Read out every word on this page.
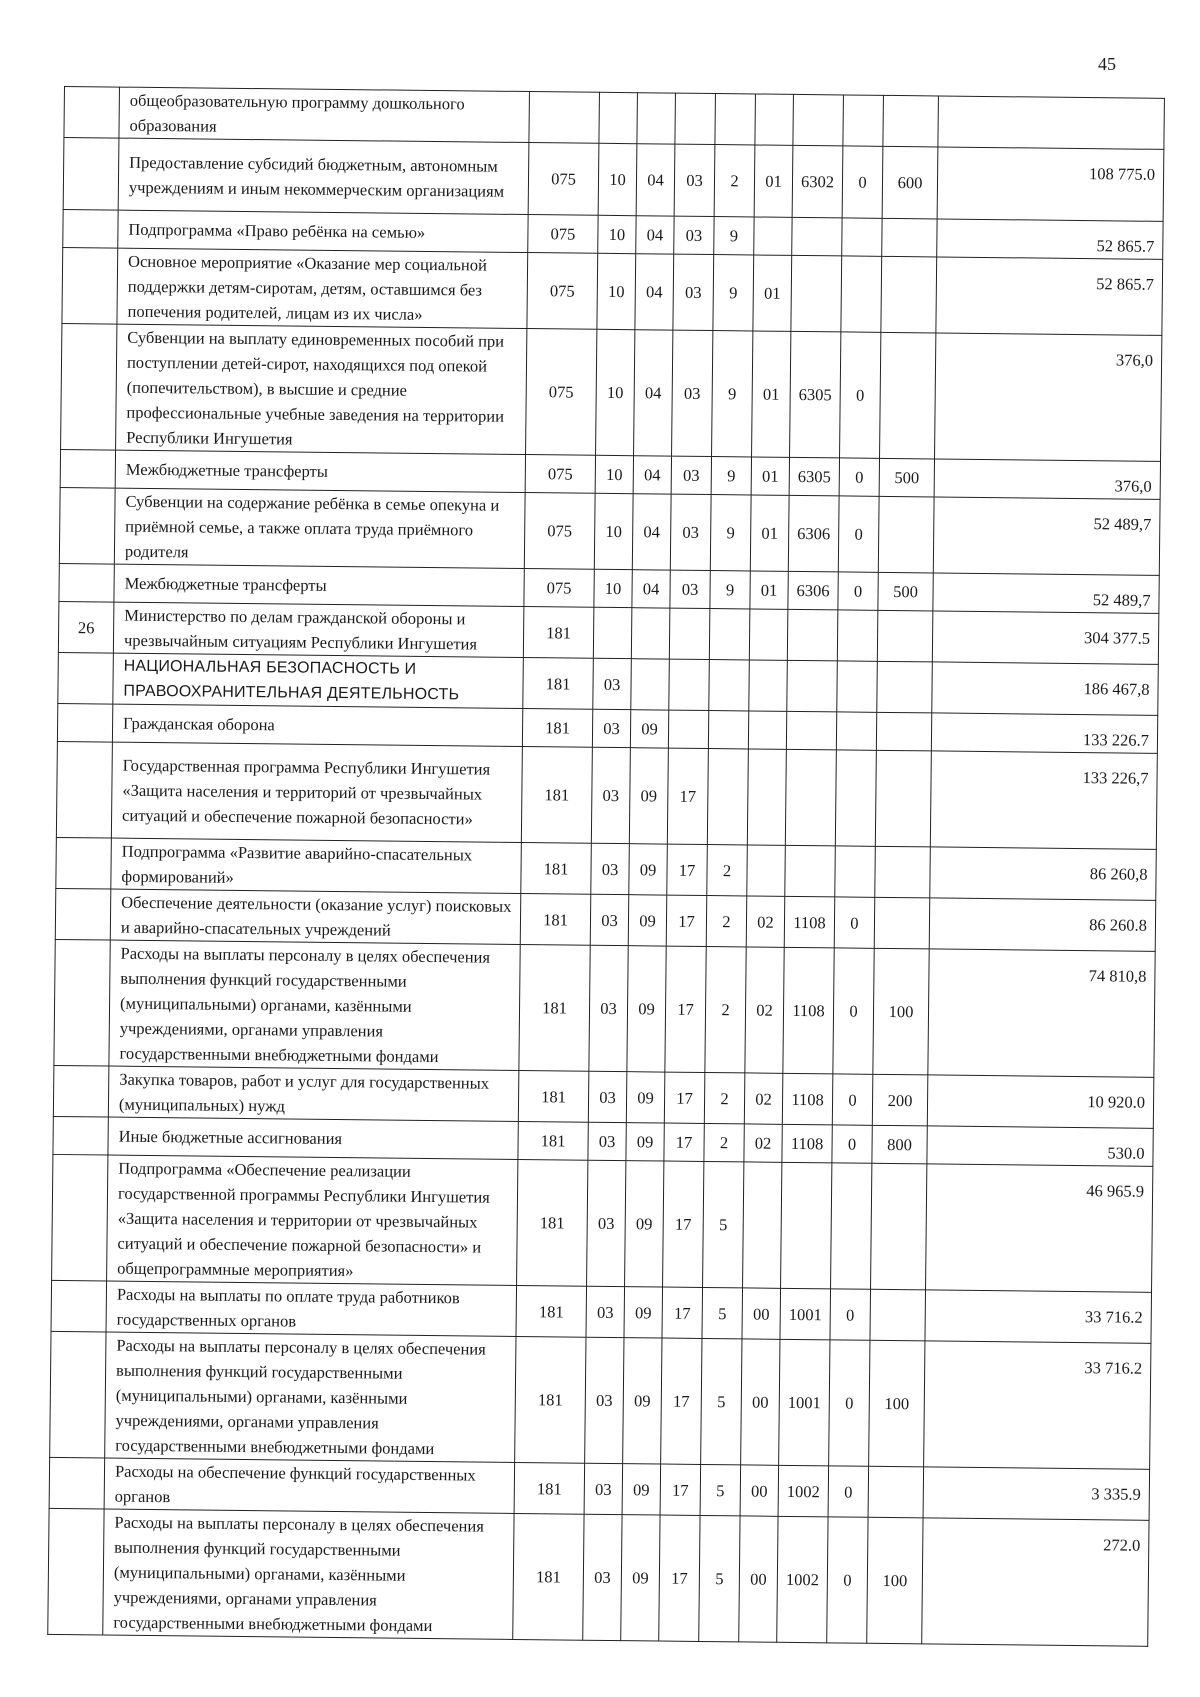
45
	общеобразовательную программу дошкольного образования										
	Предоставление субсидий бюджетным, автономным учреждениям и иным некоммерческим организациям	075	10	04	03	2	01	6302	0	600	108 775.0
	Подпрограмма «Право ребёнка на семью»	075	10	04	03	9					52 865.7
	Основное мероприятие «Оказание мер социальной поддержки детям-сиротам, детям, оставшимся без попечения родителей, лицам из их числа»	075	10	04	03	9	01				52 865.7
	Субвенции на выплату единовременных пособий при поступлении детей-сирот, находящихся под опекой (попечительством), в высшие и средние профессиональные учебные заведения на территории Республики Ингушетия	075	10	04	03	9	01	6305	0		376,0
	Межбюджетные трансферты	075	10	04	03	9	01	6305	0	500	376,0
	Субвенции на содержание ребёнка в семье опекуна и приёмной семье, а также оплата труда приёмного родителя	075	10	04	03	9	01	6306	0		52 489,7
	Межбюджетные трансферты	075	10	04	03	9	01	6306	0	500	52 489,7
26	Министерство по делам гражданской обороны и чрезвычайным ситуациям Республики Ингушетия	181									304 377.5
	НАЦИОНАЛЬНАЯ БЕЗОПАСНОСТЬ И ПРАВООХРАНИТЕЛЬНАЯ ДЕЯТЕЛЬНОСТЬ	181	03								186 467,8
	Гражданская оборона	181	03	09							133 226.7
	Государственная программа Республики Ингушетия «Защита населения и территорий от чрезвычайных ситуаций и обеспечение пожарной безопасности»	181	03	09	17						133 226,7
	Подпрограмма «Развитие аварийно-спасательных формирований»	181	03	09	17	2					86 260,8
	Обеспечение деятельности (оказание услуг) поисковых и аварийно-спасательных учреждений	181	03	09	17	2	02	1108	0		86 260.8
	Расходы на выплаты персоналу в целях обеспечения выполнения функций государственными (муниципальными) органами, казёнными учреждениями, органами управления государственными внебюджетными фондами	181	03	09	17	2	02	1108	0	100	74 810,8
	Закупка товаров, работ и услуг для государственных (муниципальных) нужд	181	03	09	17	2	02	1108	0	200	10 920.0
	Иные бюджетные ассигнования	181	03	09	17	2	02	1108	0	800	530.0
	Подпрограмма «Обеспечение реализации государственной программы Республики Ингушетия «Защита населения и территории от чрезвычайных ситуаций и обеспечение пожарной безопасности» и общепрограммные мероприятия»	181	03	09	17	5					46 965.9
	Расходы на выплаты по оплате труда работников государственных органов	181	03	09	17	5	00	1001	0		33 716.2
	Расходы на выплаты персоналу в целях обеспечения выполнения функций государственными (муниципальными) органами, казёнными учреждениями, органами управления государственными внебюджетными фондами	181	03	09	17	5	00	1001	0	100	33 716.2
	Расходы на обеспечение функций государственных органов	181	03	09	17	5	00	1002	0		3 335.9
	Расходы на выплаты персоналу в целях обеспечения выполнения функций государственными (муниципальными) органами, казёнными учреждениями, органами управления государственными внебюджетными фондами	181	03	09	17	5	00	1002	0	100	272.0
